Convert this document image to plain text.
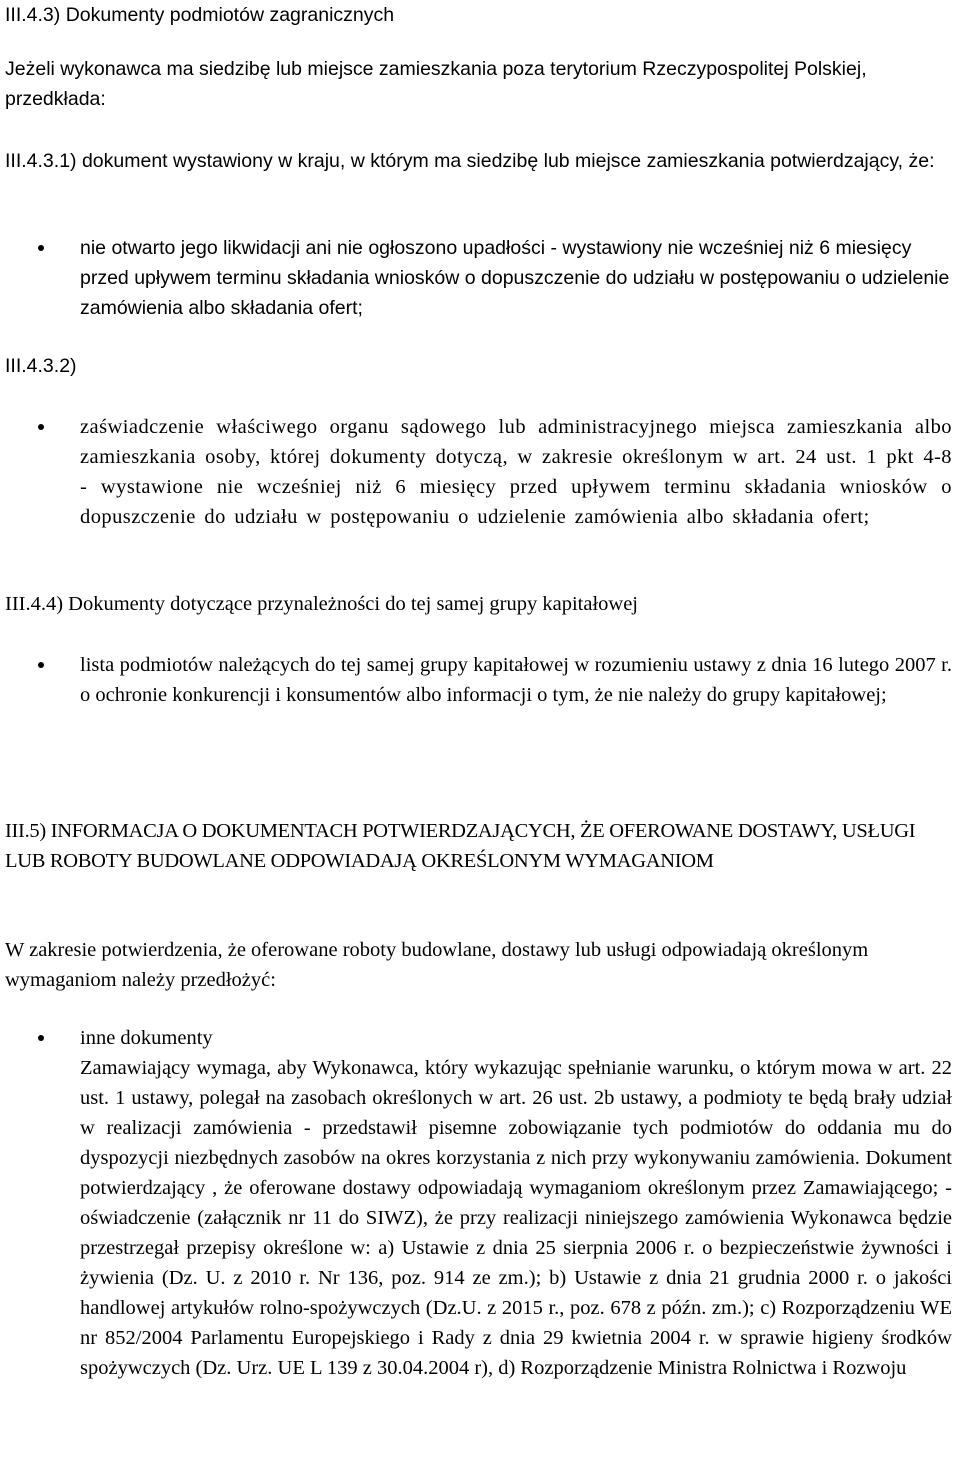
III.4.3) Dokumenty podmiotów zagranicznych

Jeżeli wykonawca ma siedzibę lub miejsce zamieszkania poza terytorium Rzeczypospolitej Polskiej, przedkłada:

III.4.3.1) dokument wystawiony w kraju, w którym ma siedzibę lub miejsce zamieszkania potwierdzający, że:

nie otwarto jego likwidacji ani nie ogłoszono upadłości - wystawiony nie wcześniej niż 6 miesięcy przed upływem terminu składania wniosków o dopuszczenie do udziału w postępowaniu o udzielenie zamówienia albo składania ofert;

III.4.3.2)

zaświadczenie właściwego organu sądowego lub administracyjnego miejsca zamieszkania albo zamieszkania osoby, której dokumenty dotyczą, w zakresie określonym w art. 24 ust. 1 pkt 4-8 - wystawione nie wcześniej niż 6 miesięcy przed upływem terminu składania wniosków o dopuszczenie do udziału w postępowaniu o udzielenie zamówienia albo składania ofert;

III.4.4) Dokumenty dotyczące przynależności do tej samej grupy kapitałowej

lista podmiotów należących do tej samej grupy kapitałowej w rozumieniu ustawy z dnia 16 lutego 2007 r. o ochronie konkurencji i konsumentów albo informacji o tym, że nie należy do grupy kapitałowej;

III.5) INFORMACJA O DOKUMENTACH POTWIERDZAJĄCYCH, ŻE OFEROWANE DOSTAWY, USŁUGI LUB ROBOTY BUDOWLANE ODPOWIADAJĄ OKREŚLONYM WYMAGANIOM

W zakresie potwierdzenia, że oferowane roboty budowlane, dostawy lub usługi odpowiadają określonym wymaganiom należy przedłożyć:

inne dokumenty
Zamawiający wymaga, aby Wykonawca, który wykazując spełnianie warunku, o którym mowa w art. 22 ust. 1 ustawy, polegał na zasobach określonych w art. 26 ust. 2b ustawy, a podmioty te będą brały udział w realizacji zamówienia - przedstawił pisemne zobowiązanie tych podmiotów do oddania mu do dyspozycji niezbędnych zasobów na okres korzystania z nich przy wykonywaniu zamówienia. Dokument potwierdzający , że oferowane dostawy odpowiadają wymaganiom określonym przez Zamawiającego; - oświadczenie (załącznik nr 11 do SIWZ), że przy realizacji niniejszego zamówienia Wykonawca będzie przestrzegał przepisy określone w: a) Ustawie z dnia 25 sierpnia 2006 r. o bezpieczeństwie żywności i żywienia (Dz. U. z 2010 r. Nr 136, poz. 914 ze zm.); b) Ustawie z dnia 21 grudnia 2000 r. o jakości handlowej artykułów rolno-spożywczych (Dz.U. z 2015 r., poz. 678 z późn. zm.); c) Rozporządzeniu WE nr 852/2004 Parlamentu Europejskiego i Rady z dnia 29 kwietnia 2004 r. w sprawie higieny środków spożywczych (Dz. Urz. UE L 139 z 30.04.2004 r), d) Rozporządzenie Ministra Rolnictwa i Rozwoju
